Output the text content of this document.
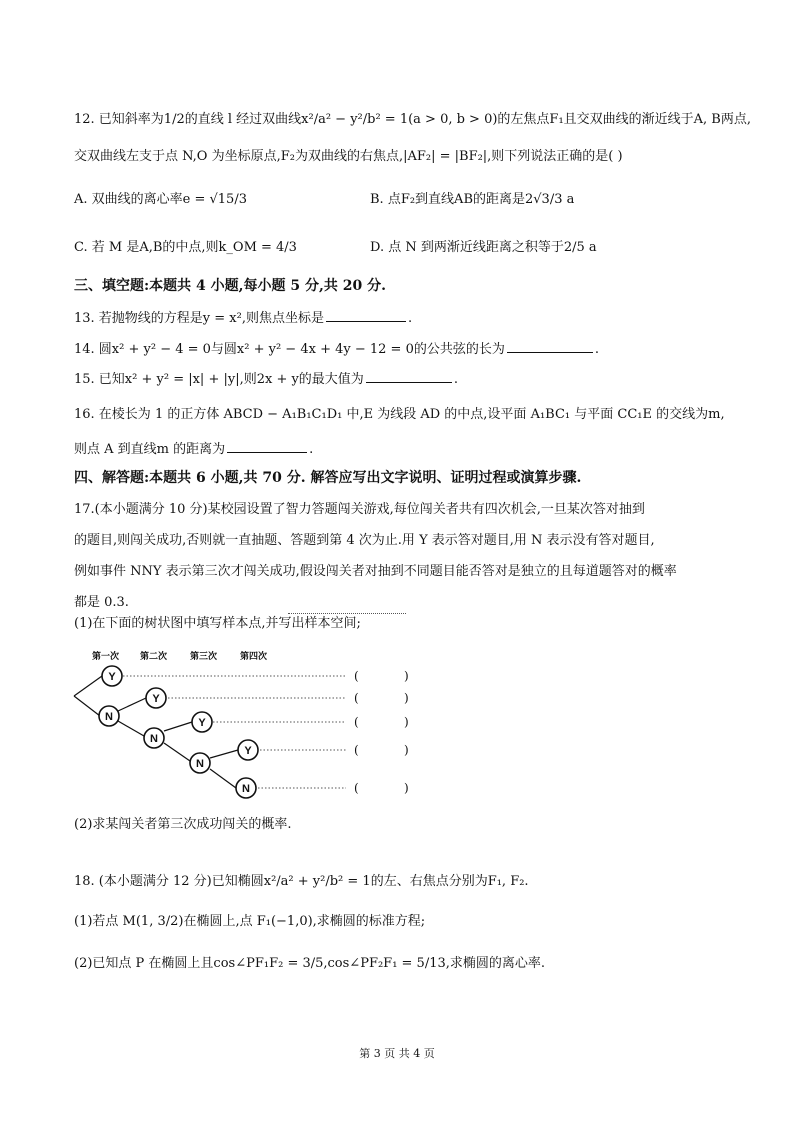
12. 已知斜率为1/2的直线 l 经过双曲线x²/a² − y²/b² = 1(a > 0, b > 0)的左焦点F₁且交双曲线的渐近线于A, B两点,
交双曲线左支于点 N,O 为坐标原点,F₂为双曲线的右焦点,|AF₂| = |BF₂|,则下列说法正确的是( )
A. 双曲线的离心率e = √15/3	B. 点F₂到直线AB的距离是2√3/3 a
C. 若 M 是A,B的中点,则k_OM = 4/3	D. 点 N 到两渐近线距离之积等于2/5 a
三、填空题:本题共 4 小题,每小题 5 分,共 20 分.
13. 若抛物线的方程是y = x²,则焦点坐标是	.
14. 圆x² + y² − 4 = 0与圆x² + y² − 4x + 4y − 12 = 0的公共弦的长为	.
15. 已知x² + y² = |x| + |y|,则2x + y的最大值为	.
16. 在棱长为 1 的正方体 ABCD − A₁B₁C₁D₁ 中,E 为线段 AD 的中点,设平面 A₁BC₁ 与平面 CC₁E 的交线为m,
则点 A 到直线m 的距离为	.
四、解答题:本题共 6 小题,共 70 分. 解答应写出文字说明、证明过程或演算步骤.
17.(本小题满分 10 分)某校园设置了智力答题闯关游戏,每位闯关者共有四次机会,一旦某次答对抽到
的题目,则闯关成功,否则就一直抽题、答题到第 4 次为止.用 Y 表示答对题目,用 N 表示没有答对题目,
例如事件 NNY 表示第三次才闯关成功,假设闯关者对抽到不同题目能否答对是独立的且每道题答对的概率
都是 0.3.
(1)在下面的树状图中填写样本点,并写出样本空间;
第一次 第二次	第三次	第四次
Y
N
Y
N
Y
N
Y
N
(	)
(	)
(	)
(	)
(	)
(2)求某闯关者第三次成功闯关的概率.
18. (本小题满分 12 分)已知椭圆x²/a² + y²/b² = 1的左、右焦点分别为F₁, F₂.
(1)若点 M(1, 3/2)在椭圆上,点 F₁(−1,0),求椭圆的标准方程;
(2)已知点 P 在椭圆上且cos∠PF₁F₂ = 3/5,cos∠PF₂F₁ = 5/13,求椭圆的离心率.
第 3 页 共 4 页
